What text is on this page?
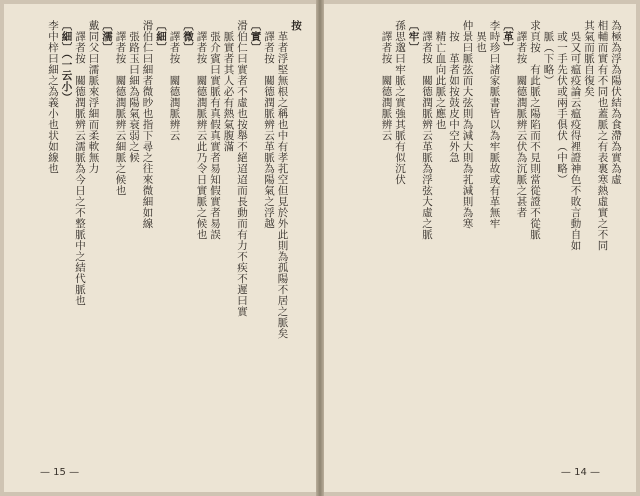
按
革者浮堅無根之稱也中有孝芤空但見於外此則為孤陽不居之脈矣
譯者按　關德潤脈辨云革脈為陽氣之浮越
〔實〕
滑伯仁曰實者不虛也按舉不絕迢迢而長動而有力不疾不遲曰實
脈實者其人必有熱氣腹滿
張介賓曰實脈有真假真實者易知假實者易誤
譯者按　關德潤脈辨云此乃令日實脈之候也
〔微〕
譯者按　關德潤脈辨云
〔細〕
滑伯仁曰細者微眇也指下尋之往來微細如線
張路玉曰細為陽氣衰弱之候
譯者按　關德潤脈辨云細脈之候也
〔濡〕
戴同父曰濡脈來浮細而柔軟無力
譯者按　關德潤脈辨云濡脈為今日之不整脈中之結代脈也
〔細〕（一云小）
李中梓曰細之為義小也状如線也
— 15 —
為極為浮為陽伏結為食滯為實為虛
相輔而實有不同也蓋脈之有表裏寒熱虛實之不同
其氣而脈自復矣
吳又可瘟疫論云瘟疫得裡證神色不敗言動自如
或一手先伏或兩手俱伏（中略）
脈（下略）
求頁按　有此脈之陽陷而不見則當從證不從脈
譯者按　關德潤脈辨云伏為沉脈之甚者
〔革〕
李時珍曰諸家脈書皆以為牢脈故或有革無牢
異也
仲景曰脈弦而大弦則為減大則為芤減則為寒
按　革者如按鼓皮中空外急
精亡血向此脈之應也
譯者按　關德潤脈辨云革脈為浮弦大虛之脈
〔牢〕
孫思邈曰牢脈之實強其脈有似沉伏
譯者按　關德潤脈辨云
— 14 —
